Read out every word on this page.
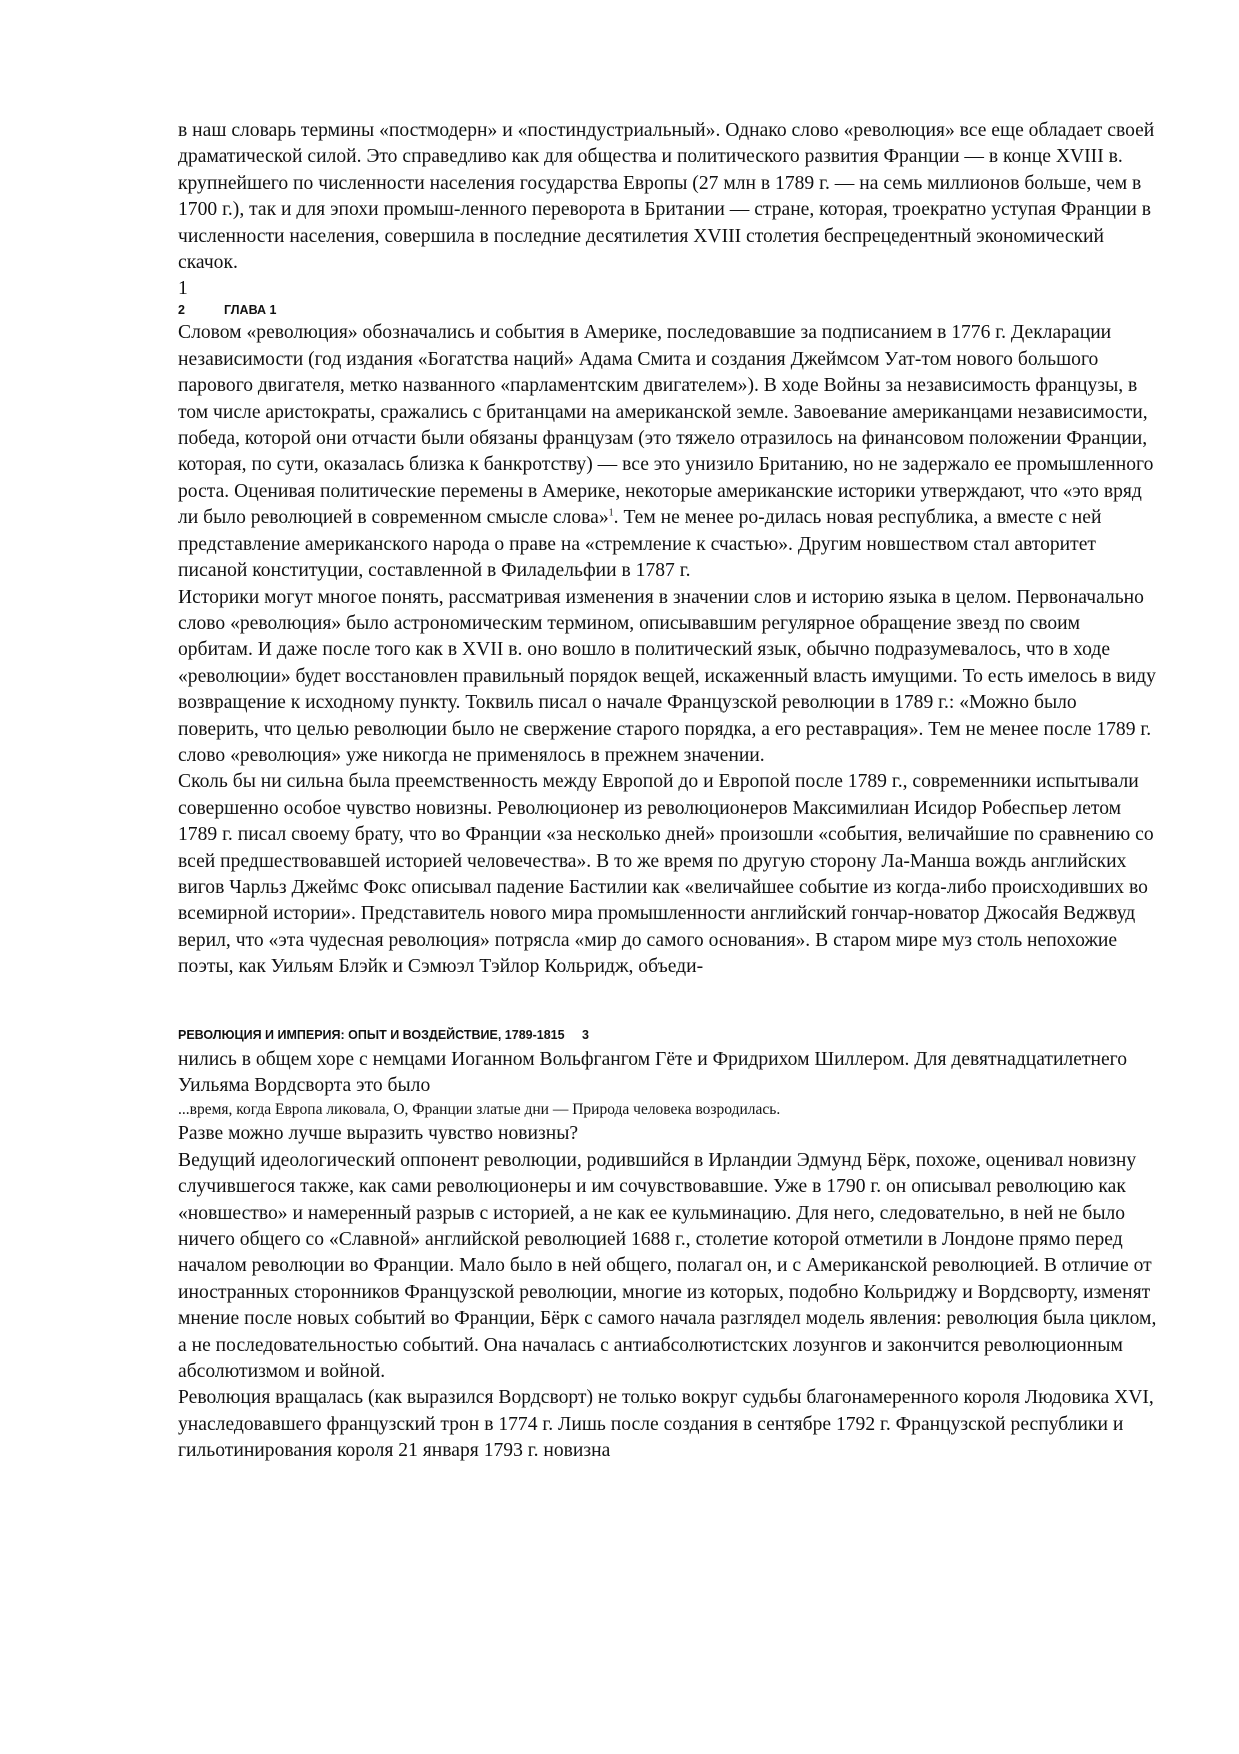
в наш словарь термины «постмодерн» и «постиндустриальный». Однако слово «революция» все еще обладает своей драматической силой. Это справедливо как для общества и политического развития Франции — в конце XVIII в. крупнейшего по численности населения государства Европы (27 млн в 1789 г. — на семь миллионов больше, чем в 1700 г.), так и для эпохи промыш-ленного переворота в Британии — стране, которая, троекратно уступая Франции в численности населения, совершила в последние десятилетия XVIII столетия беспрецедентный экономический скачок.

1

2	ГЛАВА 1

Словом «революция» обозначались и события в Америке, последовавшие за подписанием в 1776 г. Декларации независимости (год издания «Богатства наций» Адама Смита и создания Джеймсом Уат-том нового большого парового двигателя, метко названного «парламентским двигателем»). В ходе Войны за независимость французы, в том числе аристократы, сражались с британцами на американской земле. Завоевание американцами независимости, победа, которой они отчасти были обязаны французам (это тяжело отразилось на финансовом положении Франции, которая, по сути, оказалась близка к банкротству) — все это унизило Британию, но не задержало ее промышленного роста. Оценивая политические перемены в Америке, некоторые американские историки утверждают, что «это вряд ли было революцией в современном смысле слова»$^1$. Тем не менее ро-дилась новая республика, а вместе с ней представление американского народа о праве на «стремление к счастью». Другим новшеством стал авторитет писаной конституции, составленной в Филадельфии в 1787 г.

Историки могут многое понять, рассматривая изменения в значении слов и историю языка в целом. Первоначально слово «революция» было астрономическим термином, описывавшим регулярное обращение звезд по своим орбитам. И даже после того как в XVII в. оно вошло в политический язык, обычно подразумевалось, что в ходе «революции» будет восстановлен правильный порядок вещей, искаженный власть имущими. То есть имелось в виду возвращение к исходному пункту. Токвиль писал о начале Французской революции в 1789 г.: «Можно было поверить, что целью революции было не свержение старого порядка, а его реставрация». Тем не менее после 1789 г. слово «революция» уже никогда не применялось в прежнем значении.

Сколь бы ни сильна была преемственность между Европой до и Европой после 1789 г., современники испытывали совершенно особое чувство новизны. Революционер из революционеров Максимилиан Исидор Робеспьер летом 1789 г. писал своему брату, что во Франции «за несколько дней» произошли «события, величайшие по сравнению со всей предшествовавшей историей человечества». В то же время по другую сторону Ла-Манша вождь английских вигов Чарльз Джеймс Фокс описывал падение Бастилии как «величайшее событие из когда-либо происходивших во всемирной истории». Представитель нового мира промышленности английский гончар-новатор Джосайя Веджвуд верил, что «эта чудесная революция» потрясла «мир до самого основания». В старом мире муз столь непохожие поэты, как Уильям Блэйк и Сэмюэл Тэйлор Кольридж, объеди-

РЕВОЛЮЦИЯ И ИМПЕРИЯ: ОПЫТ И ВОЗДЕЙСТВИЕ, 1789-1815 3

нились в общем хоре с немцами Иоганном Вольфгангом Гёте и Фридрихом Шиллером. Для девятнадцатилетнего Уильяма Вордсворта это было

...время, когда Европа ликовала, О, Франции златые дни — Природа человека возродилась.

Разве можно лучше выразить чувство новизны?

Ведущий идеологический оппонент революции, родившийся в Ирландии Эдмунд Бёрк, похоже, оценивал новизну случившегося также, как сами революционеры и им сочувствовавшие. Уже в 1790 г. он описывал революцию как «новшество» и намеренный разрыв с историей, а не как ее кульминацию. Для него, следовательно, в ней не было ничего общего со «Славной» английской революцией 1688 г., столетие которой отметили в Лондоне прямо перед началом революции во Франции. Мало было в ней общего, полагал он, и с Американской революцией. В отличие от иностранных сторонников Французской революции, многие из которых, подобно Кольриджу и Вордсворту, изменят мнение после новых событий во Франции, Бёрк с самого начала разглядел модель явления: революция была циклом, а не последовательностью событий. Она началась с антиабсолютистских лозунгов и закончится революционным абсолютизмом и войной.

Революция вращалась (как выразился Вордсворт) не только вокруг судьбы благонамеренного короля Людовика XVI, унаследовавшего французский трон в 1774 г. Лишь после создания в сентябре 1792 г. Французской республики и гильотинирования короля 21 января 1793 г. новизна
